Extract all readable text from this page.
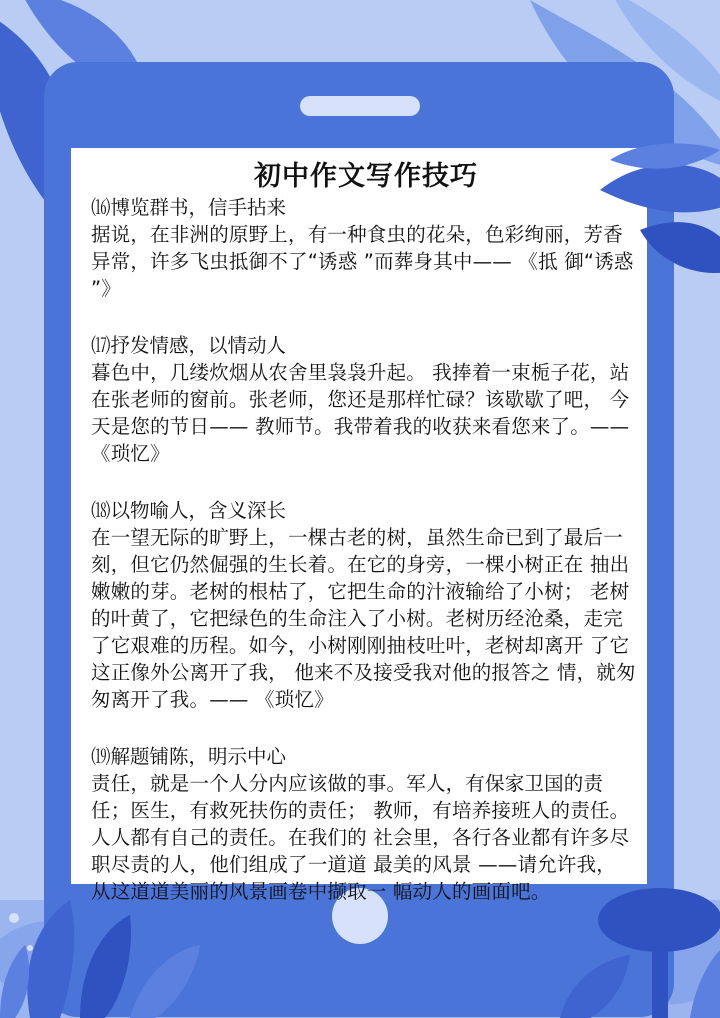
初中作文写作技巧

⒃博览群书，信手拈来

据说，在非洲的原野上，有一种食虫的花朵，色彩绚丽，芳香异常，许多飞虫抵御不了“诱惑 ”而葬身其中—— 《抵 御“诱惑 ”》

⒄抒发情感，以情动人

暮色中，几缕炊烟从农舍里袅袅升起。 我捧着一束栀子花，站在张老师的窗前。张老师，您还是那样忙碌？该歇歇了吧， 今天是您的节日—— 教师节。我带着我的收获来看您来了。—— 《琐忆》

⒅以物喻人，含义深长

在一望无际的旷野上，一棵古老的树，虽然生命已到了最后一刻，但它仍然倔强的生长着。在它的身旁，一棵小树正在 抽出嫩嫩的芽。老树的根枯了，它把生命的汁液输给了小树； 老树的叶黄了，它把绿色的生命注入了小树。老树历经沧桑，走完了它艰难的历程。如今，小树刚刚抽枝吐叶，老树却离开 了它这正像外公离开了我， 他来不及接受我对他的报答之 情，就匆匆离开了我。—— 《琐忆》

⒆解题铺陈，明示中心

责任，就是一个人分内应该做的事。军人，有保家卫国的责任；医生，有救死扶伤的责任； 教师，有培养接班人的责任。人人都有自己的责任。在我们的 社会里，各行各业都有许多尽职尽责的人，他们组成了一道道 最美的风景 ——请允许我， 从这道道美丽的风景画卷中撷取一 幅动人的画面吧。
